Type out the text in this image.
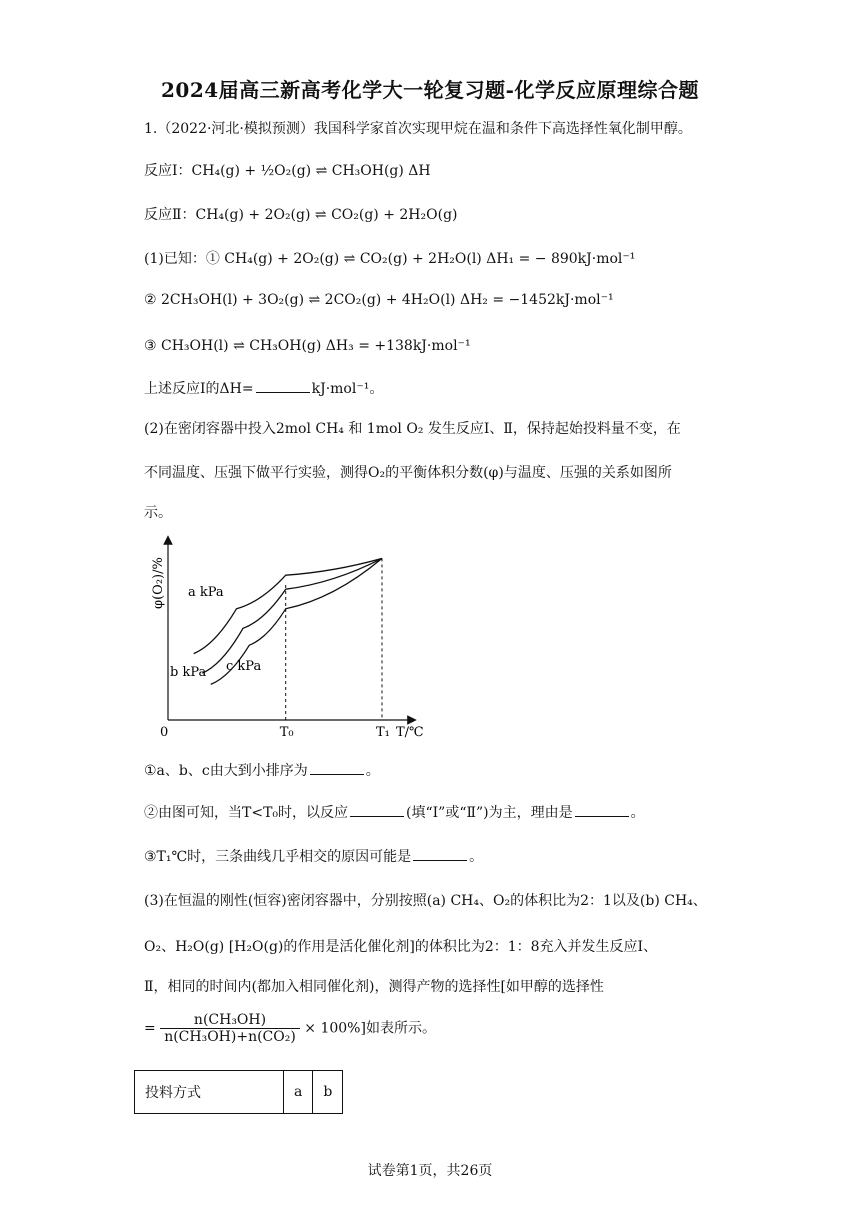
2024届高三新高考化学大一轮复习题-化学反应原理综合题
1.（2022·河北·模拟预测）我国科学家首次实现甲烷在温和条件下高选择性氧化制甲醇。
反应Ⅰ：CH₄(g) + ½O₂(g) ⇌ CH₃OH(g) ΔH
反应Ⅱ：CH₄(g) + 2O₂(g) ⇌ CO₂(g) + 2H₂O(g)
(1)已知：① CH₄(g) + 2O₂(g) ⇌ CO₂(g) + 2H₂O(l) ΔH₁ = − 890kJ·mol⁻¹
② 2CH₃OH(l) + 3O₂(g) ⇌ 2CO₂(g) + 4H₂O(l) ΔH₂ = −1452kJ·mol⁻¹
③ CH₃OH(l) ⇌ CH₃OH(g) ΔH₃ = +138kJ·mol⁻¹
上述反应Ⅰ的ΔH=	kJ·mol⁻¹。
(2)在密闭容器中投入2mol CH₄ 和 1mol O₂ 发生反应Ⅰ、Ⅱ，保持起始投料量不变，在
不同温度、压强下做平行实验，测得O₂的平衡体积分数(φ)与温度、压强的关系如图所
示。
φ(O₂)/%
0	T₀	T₁ T/℃
a kPa
b kPa c kPa
①a、b、c由大到小排序为	。
②由图可知，当T<T₀时，以反应	(填“Ⅰ”或“Ⅱ”)为主，理由是	。
③T₁℃时，三条曲线几乎相交的原因可能是	。
(3)在恒温的刚性(恒容)密闭容器中，分别按照(a) CH₄、O₂的体积比为2：1以及(b) CH₄、
O₂、H₂O(g) [H₂O(g)的作用是活化催化剂]的体积比为2：1：8充入并发生反应Ⅰ、
Ⅱ，相同的时间内(都加入相同催化剂)，测得产物的选择性[如甲醇的选择性
= $\frac{\text{n(CH₃OH)}}{\text{n(CH₃OH)+n(CO₂)}} \times 100\%$]如表所示。
投料方式	a	b
试卷第1页，共26页
